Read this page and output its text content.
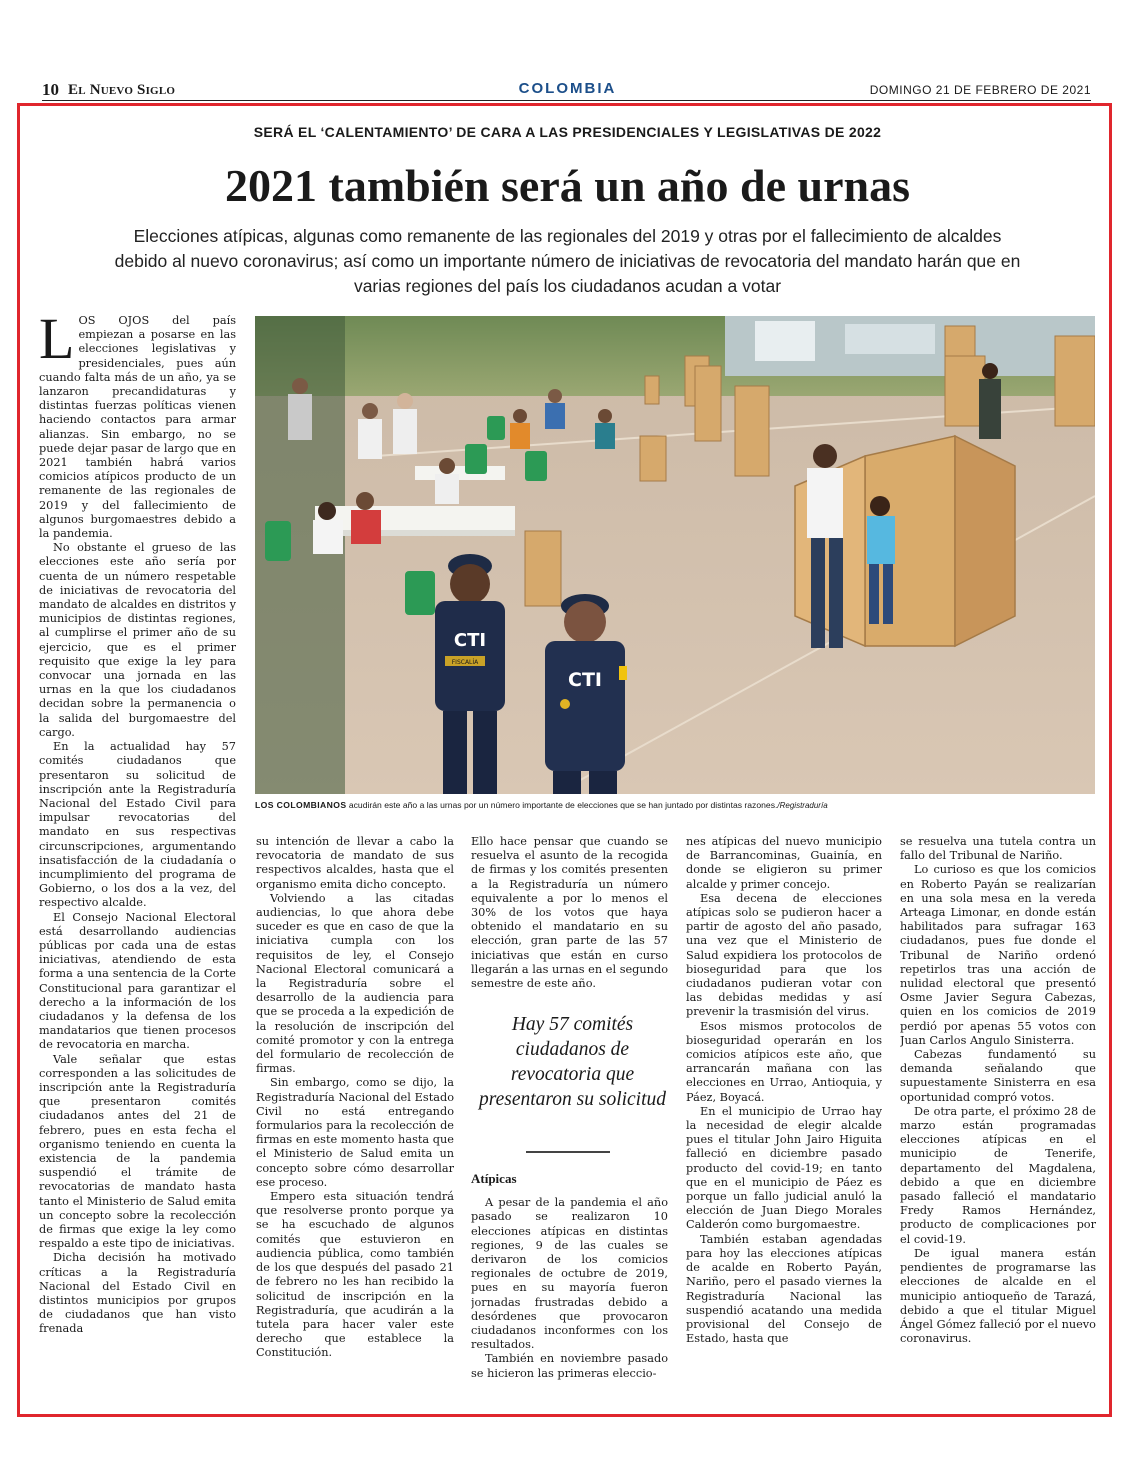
10 El Nuevo Siglo	COLOMBIA	DOMINGO 21 DE FEBRERO DE 2021
SERÁ EL ‘CALENTAMIENTO’ DE CARA A LAS PRESIDENCIALES Y LEGISLATIVAS DE 2022
2021 también será un año de urnas
Elecciones atípicas, algunas como remanente de las regionales del 2019 y otras por el fallecimiento de alcaldes debido al nuevo coronavirus; así como un importante número de iniciativas de revocatoria del mandato harán que en varias regiones del país los ciudadanos acudan a votar
CTI
FISCALÍA
CTI
LOS COLOMBIANOS acudirán este año a las urnas por un número importante de elecciones que se han juntado por distintas razones./Registraduría

LOS OJOS del país empiezan a posarse en las elecciones legislativas y presidenciales, pues aún cuando falta más de un año, ya se lanzaron precandidaturas y distintas fuerzas políticas vienen haciendo contactos para armar alianzas. Sin embargo, no se puede dejar pasar de largo que en 2021 también habrá varios comicios atípicos producto de un remanente de las regionales de 2019 y del fallecimiento de algunos burgomaestres debido a la pandemia.

No obstante el grueso de las elecciones este año sería por cuenta de un número respetable de iniciativas de revocatoria del mandato de alcaldes en distritos y municipios de distintas regiones, al cumplirse el primer año de su ejercicio, que es el primer requisito que exige la ley para convocar una jornada en las urnas en la que los ciudadanos decidan sobre la permanencia o la salida del burgomaestre del cargo.

En la actualidad hay 57 comités ciudadanos que presentaron su solicitud de inscripción ante la Registraduría Nacional del Estado Civil para impulsar revocatorias del mandato en sus respectivas circunscripciones, argumentando insatisfacción de la ciudadanía o incumplimiento del programa de Gobierno, o los dos a la vez, del respectivo alcalde.

El Consejo Nacional Electoral está desarrollando audiencias públicas por cada una de estas iniciativas, atendiendo de esta forma a una sentencia de la Corte Constitucional para garantizar el derecho a la información de los ciudadanos y la defensa de los mandatarios que tienen procesos de revocatoria en marcha.

Vale señalar que estas corresponden a las solicitudes de inscripción ante la Registraduría que presentaron comités ciudadanos antes del 21 de febrero, pues en esta fecha el organismo teniendo en cuenta la existencia de la pandemia suspendió el trámite de revocatorias de mandato hasta tanto el Ministerio de Salud emita un concepto sobre la recolección de firmas que exige la ley como respaldo a este tipo de iniciativas.

Dicha decisión ha motivado críticas a la Registraduría Nacional del Estado Civil en distintos municipios por grupos de ciudadanos que han visto frenada

su intención de llevar a cabo la revocatoria de mandato de sus respectivos alcaldes, hasta que el organismo emita dicho concepto.

Volviendo a las citadas audiencias, lo que ahora debe suceder es que en caso de que la iniciativa cumpla con los requisitos de ley, el Consejo Nacional Electoral comunicará a la Registraduría sobre el desarrollo de la audiencia para que se proceda a la expedición de la resolución de inscripción del comité promotor y con la entrega del formulario de recolección de firmas.

Sin embargo, como se dijo, la Registraduría Nacional del Estado Civil no está entregando formularios para la recolección de firmas en este momento hasta que el Ministerio de Salud emita un concepto sobre cómo desarrollar ese proceso.

Empero esta situación tendrá que resolverse pronto porque ya se ha escuchado de algunos comités que estuvieron en audiencia pública, como también de los que después del pasado 21 de febrero no les han recibido la solicitud de inscripción en la Registraduría, que acudirán a la tutela para hacer valer este derecho que establece la Constitución.

Ello hace pensar que cuando se resuelva el asunto de la recogida de firmas y los comités presenten a la Registraduría un número equivalente a por lo menos el 30% de los votos que haya obtenido el mandatario en su elección, gran parte de las 57 iniciativas que están en curso llegarán a las urnas en el segundo semestre de este año.

Hay 57 comités ciudadanos de revocatoria que presentaron su solicitud
Atípicas

A pesar de la pandemia el año pasado se realizaron 10 elecciones atípicas en distintas regiones, 9 de las cuales se derivaron de los comicios regionales de octubre de 2019, pues en su mayoría fueron jornadas frustradas debido a desórdenes que provocaron ciudadanos inconformes con los resultados.

También en noviembre pasado se hicieron las primeras eleccio-

nes atípicas del nuevo municipio de Barrancominas, Guainía, en donde se eligieron su primer alcalde y primer concejo.

Esa decena de elecciones atípicas solo se pudieron hacer a partir de agosto del año pasado, una vez que el Ministerio de Salud expidiera los protocolos de bioseguridad para que los ciudadanos pudieran votar con las debidas medidas y así prevenir la trasmisión del virus.

Esos mismos protocolos de bioseguridad operarán en los comicios atípicos este año, que arrancarán mañana con las elecciones en Urrao, Antioquia, y Páez, Boyacá.

En el municipio de Urrao hay la necesidad de elegir alcalde pues el titular John Jairo Higuita falleció en diciembre pasado producto del covid-19; en tanto que en el municipio de Páez es porque un fallo judicial anuló la elección de Juan Diego Morales Calderón como burgomaestre.

También estaban agendadas para hoy las elecciones atípicas de acalde en Roberto Payán, Nariño, pero el pasado viernes la Registraduría Nacional las suspendió acatando una medida provisional del Consejo de Estado, hasta que

se resuelva una tutela contra un fallo del Tribunal de Nariño.

Lo curioso es que los comicios en Roberto Payán se realizarían en una sola mesa en la vereda Arteaga Limonar, en donde están habilitados para sufragar 163 ciudadanos, pues fue donde el Tribunal de Nariño ordenó repetirlos tras una acción de nulidad electoral que presentó Osme Javier Segura Cabezas, quien en los comicios de 2019 perdió por apenas 55 votos con Juan Carlos Angulo Sinisterra.

Cabezas fundamentó su demanda señalando que supuestamente Sinisterra en esa oportunidad compró votos.

De otra parte, el próximo 28 de marzo están programadas elecciones atípicas en el municipio de Tenerife, departamento del Magdalena, debido a que en diciembre pasado falleció el mandatario Fredy Ramos Hernández, producto de complicaciones por el covid-19.

De igual manera están pendientes de programarse las elecciones de alcalde en el municipio antioqueño de Tarazá, debido a que el titular Miguel Ángel Gómez falleció por el nuevo coronavirus.
